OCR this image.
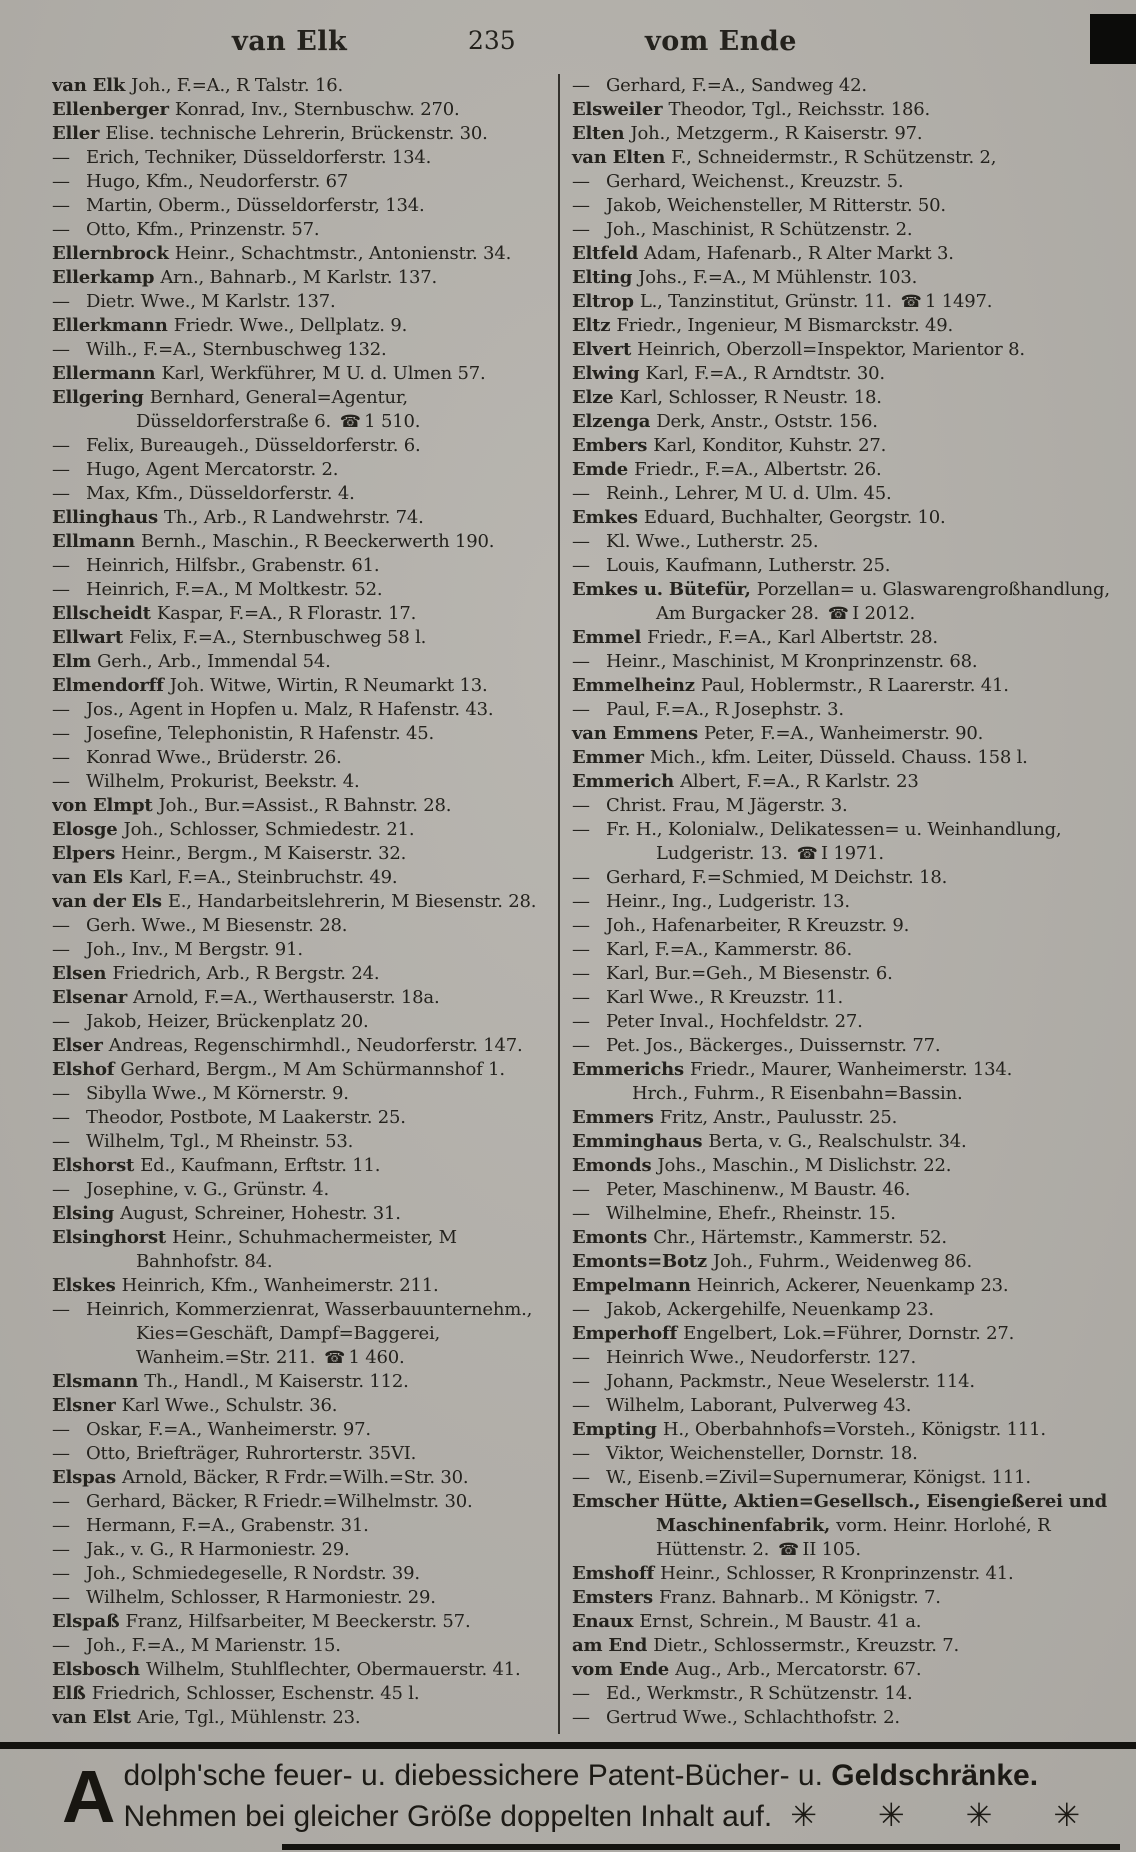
van Elk	235	vom Ende
van Elk Joh., F.=A., R Talstr. 16.
Ellenberger Konrad, Inv., Sternbuschw. 270.
Eller Elise. technische Lehrerin, Brückenstr. 30.
— Erich, Techniker, Düsseldorferstr. 134.
— Hugo, Kfm., Neudorferstr. 67
— Martin, Oberm., Düsseldorferstr, 134.
— Otto, Kfm., Prinzenstr. 57.
Ellernbrock Heinr., Schachtmstr., Antonienstr. 34.
Ellerkamp Arn., Bahnarb., M Karlstr. 137.
— Dietr. Wwe., M Karlstr. 137.
Ellerkmann Friedr. Wwe., Dellplatz. 9.
— Wilh., F.=A., Sternbuschweg 132.
Ellermann Karl, Werkführer, M U. d. Ulmen 57.
Ellgering Bernhard, General=Agentur, Düsseldorferstraße 6.  ☎ 1 510.
— Felix, Bureaugeh., Düsseldorferstr. 6.
— Hugo, Agent Mercatorstr. 2.
— Max, Kfm., Düsseldorferstr. 4.
Ellinghaus Th., Arb., R Landwehrstr. 74.
Ellmann Bernh., Maschin., R Beeckerwerth 190.
— Heinrich, Hilfsbr., Grabenstr. 61.
— Heinrich, F.=A., M Moltkestr. 52.
Ellscheidt Kaspar, F.=A., R Florastr. 17.
Ellwart Felix, F.=A., Sternbuschweg 58 l.
Elm Gerh., Arb., Immendal 54.
Elmendorff Joh. Witwe, Wirtin, R Neumarkt 13.
— Jos., Agent in Hopfen u. Malz, R Hafenstr. 43.
— Josefine, Telephonistin, R Hafenstr. 45.
— Konrad Wwe., Brüderstr. 26.
— Wilhelm, Prokurist, Beekstr. 4.
von Elmpt Joh., Bur.=Assist., R Bahnstr. 28.
Elosge Joh., Schlosser, Schmiedestr. 21.
Elpers Heinr., Bergm., M Kaiserstr. 32.
van Els Karl, F.=A., Steinbruchstr. 49.
van der Els E., Handarbeitslehrerin, M Biesenstr. 28.
— Gerh. Wwe., M Biesenstr. 28.
— Joh., Inv., M Bergstr. 91.
Elsen Friedrich, Arb., R Bergstr. 24.
Elsenar Arnold, F.=A., Werthauserstr. 18a.
— Jakob, Heizer, Brückenplatz 20.
Elser Andreas, Regenschirmhdl., Neudorferstr. 147.
Elshof Gerhard, Bergm., M Am Schürmannshof 1.
— Sibylla Wwe., M Körnerstr. 9.
— Theodor, Postbote, M Laakerstr. 25.
— Wilhelm, Tgl., M Rheinstr. 53.
Elshorst Ed., Kaufmann, Erftstr. 11.
— Josephine, v. G., Grünstr. 4.
Elsing August, Schreiner, Hohestr. 31.
Elsinghorst Heinr., Schuhmachermeister, M Bahnhofstr. 84.
Elskes Heinrich, Kfm., Wanheimerstr. 211.
— Heinrich, Kommerzienrat, Wasserbauunternehm., Kies=Geschäft, Dampf=Baggerei, Wanheim.=Str. 211.  ☎ 1 460.
Elsmann Th., Handl., M Kaiserstr. 112.
Elsner Karl Wwe., Schulstr. 36.
— Oskar, F.=A., Wanheimerstr. 97.
— Otto, Briefträger, Ruhrorterstr. 35VI.
Elspas Arnold, Bäcker, R Frdr.=Wilh.=Str. 30.
— Gerhard, Bäcker, R Friedr.=Wilhelmstr. 30.
— Hermann, F.=A., Grabenstr. 31.
— Jak., v. G., R Harmoniestr. 29.
— Joh., Schmiedegeselle, R Nordstr. 39.
— Wilhelm, Schlosser, R Harmoniestr. 29.
Elspaß Franz, Hilfsarbeiter, M Beeckerstr. 57.
— Joh., F.=A., M Marienstr. 15.
Elsbosch Wilhelm, Stuhlflechter, Obermauerstr. 41.
Elß Friedrich, Schlosser, Eschenstr. 45 l.
van Elst Arie, Tgl., Mühlenstr. 23.
— Gerhard, F.=A., Sandweg 42.
Elsweiler Theodor, Tgl., Reichsstr. 186.
Elten Joh., Metzgerm., R Kaiserstr. 97.
van Elten F., Schneidermstr., R Schützenstr. 2,
— Gerhard, Weichenst., Kreuzstr. 5.
— Jakob, Weichensteller, M Ritterstr. 50.
— Joh., Maschinist, R Schützenstr. 2.
Eltfeld Adam, Hafenarb., R Alter Markt 3.
Elting Johs., F.=A., M Mühlenstr. 103.
Eltrop L., Tanzinstitut, Grünstr. 11.  ☎ 1 1497.
Eltz Friedr., Ingenieur, M Bismarckstr. 49.
Elvert Heinrich, Oberzoll=Inspektor, Marientor 8.
Elwing Karl, F.=A., R Arndtstr. 30.
Elze Karl, Schlosser, R Neustr. 18.
Elzenga Derk, Anstr., Oststr. 156.
Embers Karl, Konditor, Kuhstr. 27.
Emde Friedr., F.=A., Albertstr. 26.
— Reinh., Lehrer, M U. d. Ulm. 45.
Emkes Eduard, Buchhalter, Georgstr. 10.
— Kl. Wwe., Lutherstr. 25.
— Louis, Kaufmann, Lutherstr. 25.
Emkes u. Bütefür, Porzellan= u. Glaswarengroßhandlung, Am Burgacker 28.  ☎ I 2012.
Emmel Friedr., F.=A., Karl Albertstr. 28.
— Heinr., Maschinist, M Kronprinzenstr. 68.
Emmelheinz Paul, Hoblermstr., R Laarerstr. 41.
— Paul, F.=A., R Josephstr. 3.
van Emmens Peter, F.=A., Wanheimerstr. 90.
Emmer Mich., kfm. Leiter, Düsseld. Chauss. 158 l.
Emmerich Albert, F.=A., R Karlstr. 23
— Christ. Frau, M Jägerstr. 3.
— Fr. H., Kolonialw., Delikatessen= u. Weinhandlung, Ludgeristr. 13.  ☎ I 1971.
— Gerhard, F.=Schmied, M Deichstr. 18.
— Heinr., Ing., Ludgeristr. 13.
— Joh., Hafenarbeiter, R Kreuzstr. 9.
— Karl, F.=A., Kammerstr. 86.
— Karl, Bur.=Geh., M Biesenstr. 6.
— Karl Wwe., R Kreuzstr. 11.
— Peter Inval., Hochfeldstr. 27.
— Pet. Jos., Bäckerges., Duissernstr. 77.
Emmerichs Friedr., Maurer, Wanheimerstr. 134.
Hrch., Fuhrm., R Eisenbahn=Bassin.
Emmers Fritz, Anstr., Paulusstr. 25.
Emminghaus Berta, v. G., Realschulstr. 34.
Emonds Johs., Maschin., M Dislichstr. 22.
— Peter, Maschinenw., M Baustr. 46.
— Wilhelmine, Ehefr., Rheinstr. 15.
Emonts Chr., Härtemstr., Kammerstr. 52.
Emonts=Botz Joh., Fuhrm., Weidenweg 86.
Empelmann Heinrich, Ackerer, Neuenkamp 23.
— Jakob, Ackergehilfe, Neuenkamp 23.
Emperhoff Engelbert, Lok.=Führer, Dornstr. 27.
— Heinrich Wwe., Neudorferstr. 127.
— Johann, Packmstr., Neue Weselerstr. 114.
— Wilhelm, Laborant, Pulverweg 43.
Empting H., Oberbahnhofs=Vorsteh., Königstr. 111.
— Viktor, Weichensteller, Dornstr. 18.
— W., Eisenb.=Zivil=Supernumerar, Königst. 111.
Emscher Hütte, Aktien=Gesellsch., Eisengießerei und Maschinenfabrik, vorm. Heinr. Horlohé, R Hüttenstr. 2.  ☎ II 105.
Emshoff Heinr., Schlosser, R Kronprinzenstr. 41.
Emsters Franz. Bahnarb.. M Königstr. 7.
Enaux Ernst, Schrein., M Baustr. 41 a.
am End Dietr., Schlossermstr., Kreuzstr. 7.
vom Ende Aug., Arb., Mercatorstr. 67.
— Ed., Werkmstr., R Schützenstr. 14.
— Gertrud Wwe., Schlachthofstr. 2.
A dolph'sche feuer- u. diebessichere Patent-Bücher- u. Geldschränke.
Nehmen bei gleicher Größe doppelten Inhalt auf. ✳ ✳ ✳ ✳
